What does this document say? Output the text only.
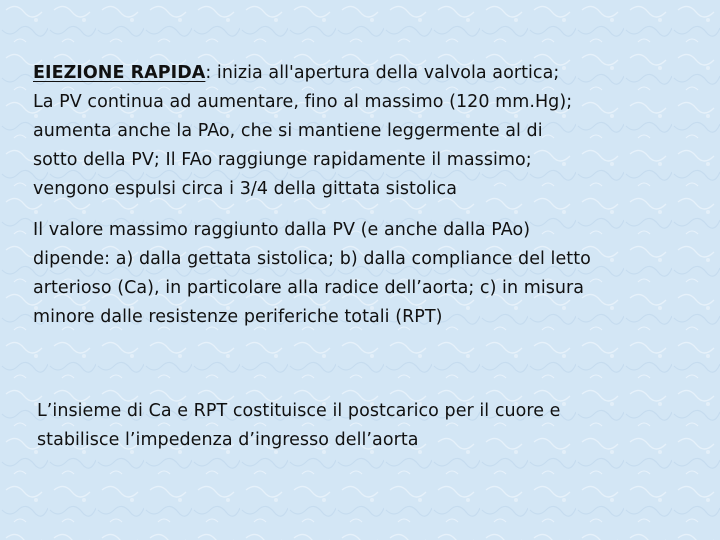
EIEZIONE RAPIDA: inizia all'apertura della valvola aortica;
La PV continua ad aumentare, fino al massimo (120 mm.Hg);
aumenta anche la PAo, che si mantiene leggermente al di
sotto della PV; Il FAo raggiunge rapidamente il massimo;
vengono espulsi circa i 3/4 della gittata sistolica
Il valore massimo raggiunto dalla PV (e anche dalla PAo)
dipende: a) dalla gettata sistolica; b) dalla compliance del letto
arterioso (Ca), in particolare alla radice dell’aorta; c) in misura
minore dalle resistenze periferiche totali (RPT)
L’insieme di Ca e RPT costituisce il postcarico per il cuore e
stabilisce l’impedenza d’ingresso dell’aorta
